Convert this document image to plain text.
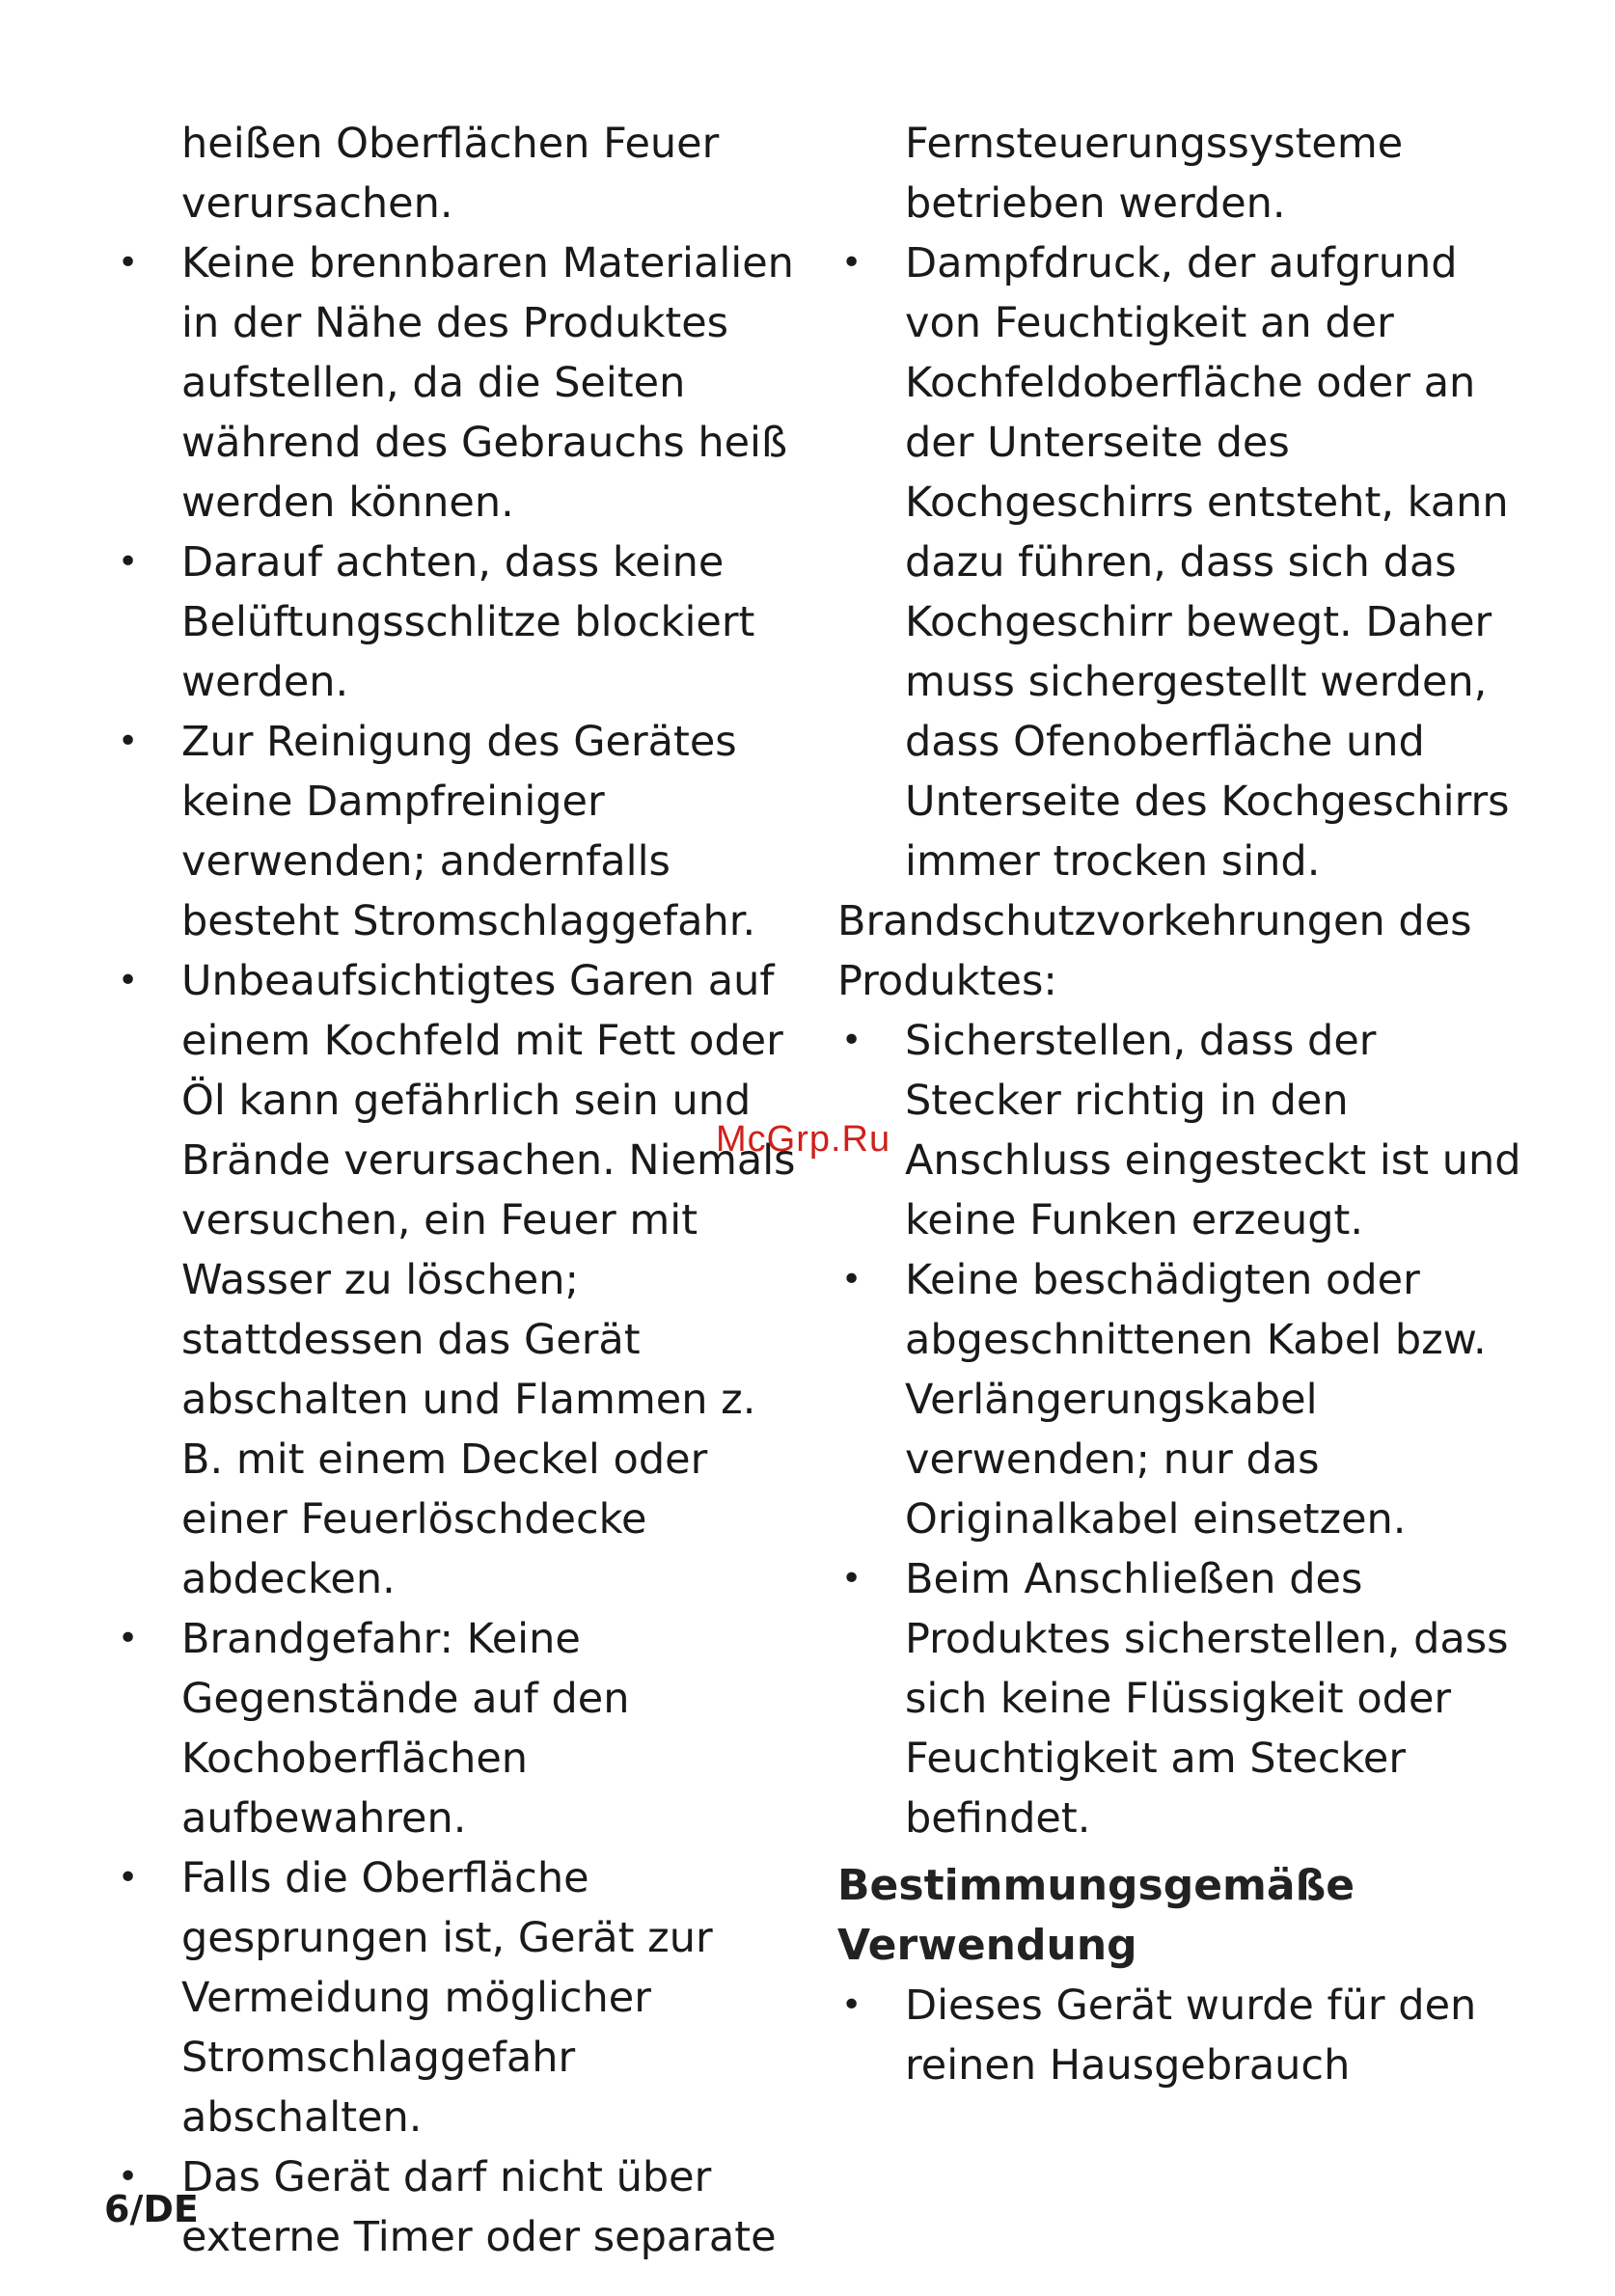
heißen Oberflächen Feuer verursachen.

• Keine brennbaren Materialien in der Nähe des Produktes aufstellen, da die Seiten während des Gebrauchs heiß werden können.
• Darauf achten, dass keine Belüftungsschlitze blockiert werden.
• Zur Reinigung des Gerätes keine Dampfreiniger verwenden; andernfalls besteht Stromschlaggefahr.
• Unbeaufsichtigtes Garen auf einem Kochfeld mit Fett oder Öl kann gefährlich sein und Brände verursachen. Niemals versuchen, ein Feuer mit Wasser zu löschen; stattdessen das Gerät abschalten und Flammen z. B. mit einem Deckel oder einer Feuerlöschdecke abdecken.
• Brandgefahr: Keine Gegenstände auf den Kochoberflächen aufbewahren.
• Falls die Oberfläche gesprungen ist, Gerät zur Vermeidung möglicher Stromschlaggefahr abschalten.
• Das Gerät darf nicht über externe Timer oder separate

Fernsteuerungssysteme betrieben werden.

• Dampfdruck, der aufgrund von Feuchtigkeit an der Kochfeldoberfläche oder an der Unterseite des Kochgeschirrs entsteht, kann dazu führen, dass sich das Kochgeschirr bewegt. Daher muss sichergestellt werden, dass Ofenoberfläche und Unterseite des Kochgeschirrs immer trocken sind.

Brandschutzvorkehrungen des Produktes:

• Sicherstellen, dass der Stecker richtig in den Anschluss eingesteckt ist und keine Funken erzeugt.
• Keine beschädigten oder abgeschnittenen Kabel bzw. Verlängerungskabel verwenden; nur das Originalkabel einsetzen.
• Beim Anschließen des Produktes sicherstellen, dass sich keine Flüssigkeit oder Feuchtigkeit am Stecker befindet.
Bestimmungsgemäße Verwendung
• Dieses Gerät wurde für den reinen Hausgebrauch
McGrp.Ru
6/DE
